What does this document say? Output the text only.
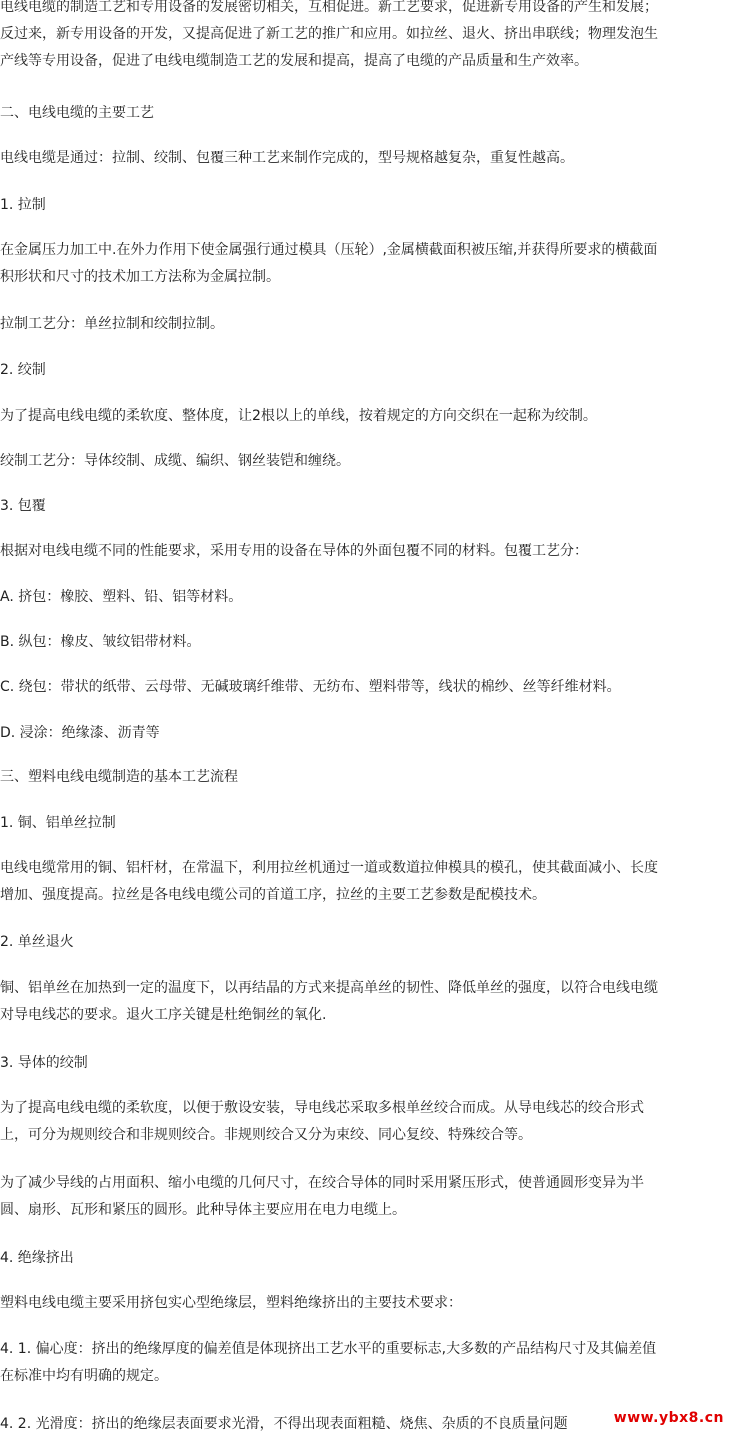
电线电缆的制造工艺和专用设备的发展密切相关，互相促进。新工艺要求，促进新专用设备的产生和发展；
反过来，新专用设备的开发，又提高促进了新工艺的推广和应用。如拉丝、退火、挤出串联线；物理发泡生
产线等专用设备，促进了电线电缆制造工艺的发展和提高，提高了电缆的产品质量和生产效率。

二、电线电缆的主要工艺

电线电缆是通过：拉制、绞制、包覆三种工艺来制作完成的，型号规格越复杂，重复性越高。

1. 拉制

在金属压力加工中.在外力作用下使金属强行通过模具（压轮）,金属横截面积被压缩,并获得所要求的横截面
积形状和尺寸的技术加工方法称为金属拉制。

拉制工艺分：单丝拉制和绞制拉制。

2. 绞制

为了提高电线电缆的柔软度、整体度，让2根以上的单线，按着规定的方向交织在一起称为绞制。

绞制工艺分：导体绞制、成缆、编织、钢丝装铠和缠绕。

3. 包覆

根据对电线电缆不同的性能要求，采用专用的设备在导体的外面包覆不同的材料。包覆工艺分：

A. 挤包：橡胶、塑料、铅、铝等材料。

B. 纵包：橡皮、皱纹铝带材料。

C. 绕包：带状的纸带、云母带、无碱玻璃纤维带、无纺布、塑料带等，线状的棉纱、丝等纤维材料。

D. 浸涂：绝缘漆、沥青等

三、塑料电线电缆制造的基本工艺流程

1. 铜、铝单丝拉制

电线电缆常用的铜、铝杆材，在常温下，利用拉丝机通过一道或数道拉伸模具的模孔，使其截面减小、长度
增加、强度提高。拉丝是各电线电缆公司的首道工序，拉丝的主要工艺参数是配模技术。

2. 单丝退火

铜、铝单丝在加热到一定的温度下，以再结晶的方式来提高单丝的韧性、降低单丝的强度，以符合电线电缆
对导电线芯的要求。退火工序关键是杜绝铜丝的氧化.

3. 导体的绞制

为了提高电线电缆的柔软度，以便于敷设安装，导电线芯采取多根单丝绞合而成。从导电线芯的绞合形式
上，可分为规则绞合和非规则绞合。非规则绞合又分为束绞、同心复绞、特殊绞合等。

为了减少导线的占用面积、缩小电缆的几何尺寸，在绞合导体的同时采用紧压形式，使普通圆形变异为半
圆、扇形、瓦形和紧压的圆形。此种导体主要应用在电力电缆上。

4. 绝缘挤出

塑料电线电缆主要采用挤包实心型绝缘层，塑料绝缘挤出的主要技术要求：

4. 1. 偏心度：挤出的绝缘厚度的偏差值是体现挤出工艺水平的重要标志,大多数的产品结构尺寸及其偏差值
在标准中均有明确的规定。

4. 2. 光滑度：挤出的绝缘层表面要求光滑，不得出现表面粗糙、烧焦、杂质的不良质量问题	www.ybx8.cn
